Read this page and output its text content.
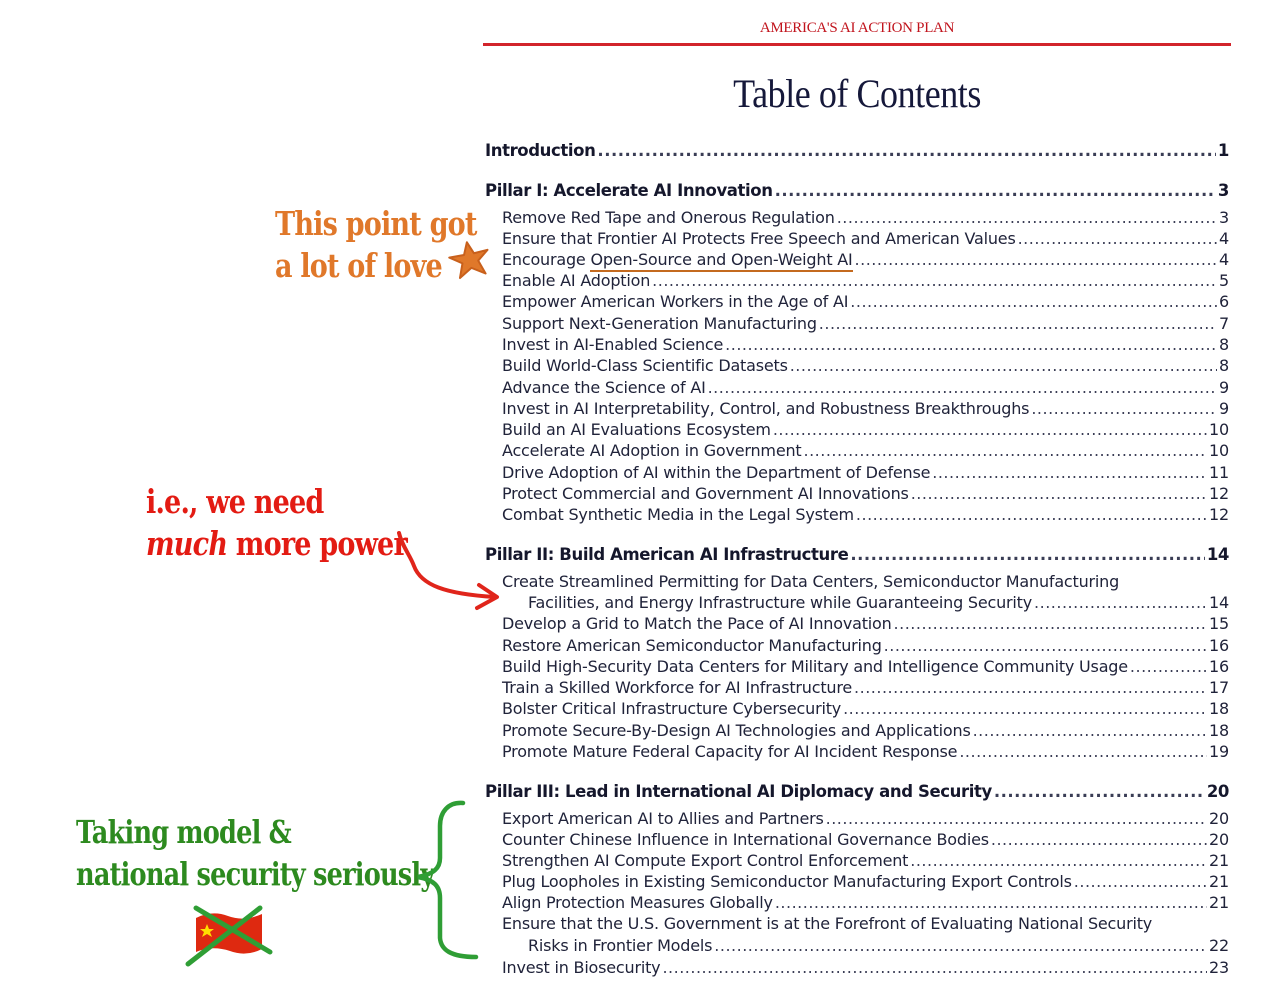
AMERICA'S AI ACTION PLAN
Table of Contents
Introduction .....	1
Pillar I: Accelerate AI Innovation .....	3
Remove Red Tape and Onerous Regulation .....	3
Ensure that Frontier AI Protects Free Speech and American Values .....	4
Encourage Open-Source and Open-Weight AI .....	4
Enable AI Adoption .....	5
Empower American Workers in the Age of AI .....	6
Support Next-Generation Manufacturing .....	7
Invest in AI-Enabled Science .....	8
Build World-Class Scientific Datasets .....	8
Advance the Science of AI .....	9
Invest in AI Interpretability, Control, and Robustness Breakthroughs .....	9
Build an AI Evaluations Ecosystem .....	10
Accelerate AI Adoption in Government .....	10
Drive Adoption of AI within the Department of Defense .....	11
Protect Commercial and Government AI Innovations .....	12
Combat Synthetic Media in the Legal System .....	12
Pillar II: Build American AI Infrastructure .....	14
Create Streamlined Permitting for Data Centers, Semiconductor Manufacturing
Facilities, and Energy Infrastructure while Guaranteeing Security .....	14
Develop a Grid to Match the Pace of AI Innovation .....	15
Restore American Semiconductor Manufacturing .....	16
Build High-Security Data Centers for Military and Intelligence Community Usage .....	16
Train a Skilled Workforce for AI Infrastructure .....	17
Bolster Critical Infrastructure Cybersecurity .....	18
Promote Secure-By-Design AI Technologies and Applications .....	18
Promote Mature Federal Capacity for AI Incident Response .....	19
Pillar III: Lead in International AI Diplomacy and Security .....	20
Export American AI to Allies and Partners .....	20
Counter Chinese Influence in International Governance Bodies .....	20
Strengthen AI Compute Export Control Enforcement .....	21
Plug Loopholes in Existing Semiconductor Manufacturing Export Controls .....	21
Align Protection Measures Globally .....	21
Ensure that the U.S. Government is at the Forefront of Evaluating National Security
Risks in Frontier Models .....	22
Invest in Biosecurity .....	23
This point got
a lot of love
i.e., we need
much more power
Taking model &
national security seriously
